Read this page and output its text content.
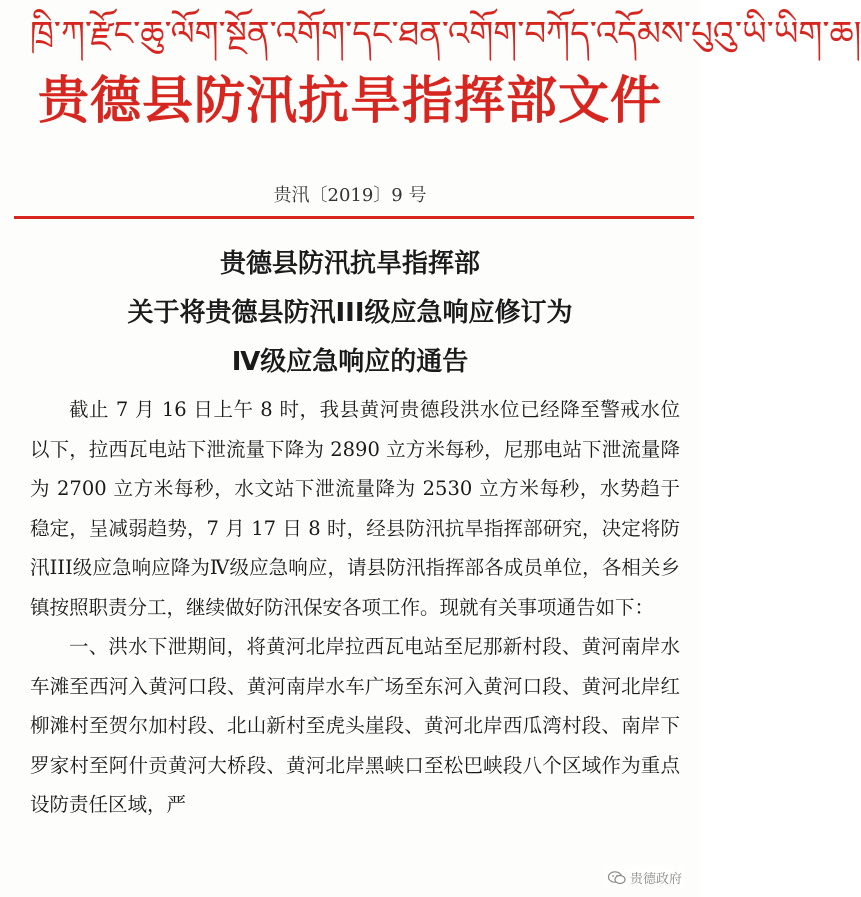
ཁྲི་ཀ་རྫོང་ཆུ་ལོག་སྔོན་འགོག་དང་ཐན་འགོག་བཀོད་འདོམས་པུའུ་ཡི་ཡིག་ཆ།
贵德县防汛抗旱指挥部文件
贵汛〔2019〕9 号
贵德县防汛抗旱指挥部
关于将贵德县防汛III级应急响应修订为
Ⅳ级应急响应的通告

截止 7 月 16 日上午 8 时，我县黄河贵德段洪水位已经降至警戒水位以下，拉西瓦电站下泄流量下降为 2890 立方米每秒，尼那电站下泄流量降为 2700 立方米每秒，水文站下泄流量降为 2530 立方米每秒，水势趋于稳定，呈减弱趋势，7 月 17 日 8 时，经县防汛抗旱指挥部研究，决定将防汛III级应急响应降为Ⅳ级应急响应，请县防汛指挥部各成员单位，各相关乡镇按照职责分工，继续做好防汛保安各项工作。现就有关事项通告如下：

一、洪水下泄期间，将黄河北岸拉西瓦电站至尼那新村段、黄河南岸水车滩至西河入黄河口段、黄河南岸水车广场至东河入黄河口段、黄河北岸红柳滩村至贺尔加村段、北山新村至虎头崖段、黄河北岸西瓜湾村段、南岸下罗家村至阿什贡黄河大桥段、黄河北岸黑峡口至松巴峡段八个区域作为重点设防责任区域，严

贵德政府
